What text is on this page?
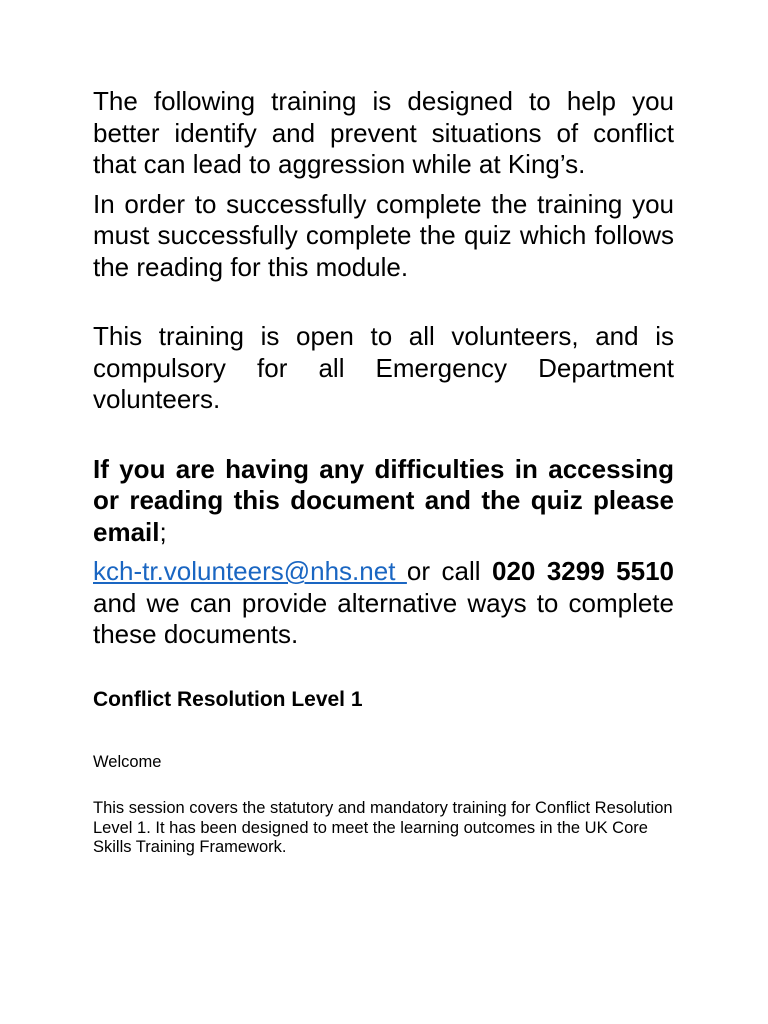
The following training is designed to help you better identify and prevent situations of conflict that can lead to aggression while at King’s.

In order to successfully complete the training you must successfully complete the quiz which follows the reading for this module.

This training is open to all volunteers, and is compulsory for all Emergency Department volunteers.

If you are having any difficulties in accessing or reading this document and the quiz please email;

kch-tr.volunteers@nhs.net or call 020 3299 5510 and we can provide alternative ways to complete these documents.

Conflict Resolution Level 1

Welcome

This session covers the statutory and mandatory training for Conflict Resolution Level 1. It has been designed to meet the learning outcomes in the UK Core Skills Training Framework.
